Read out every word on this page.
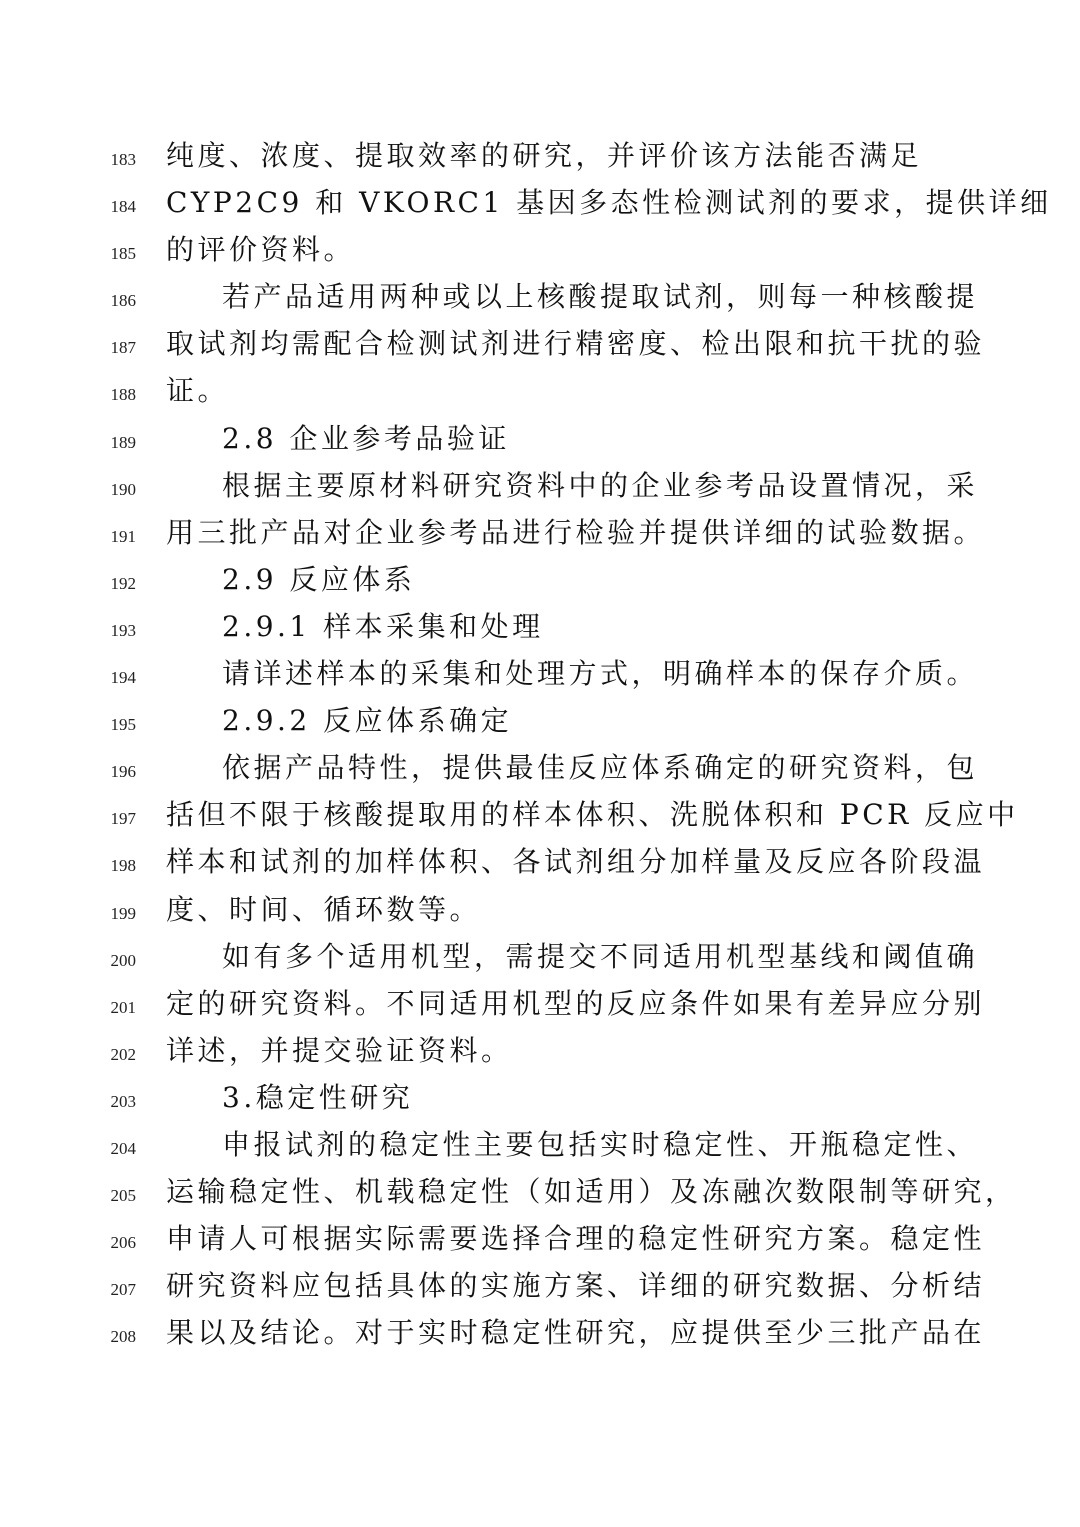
183 纯度、浓度、提取效率的研究，并评价该方法能否满足
184 CYP2C9 和 VKORC1 基因多态性检测试剂的要求，提供详细
185 的评价资料。
186	若产品适用两种或以上核酸提取试剂，则每一种核酸提
187 取试剂均需配合检测试剂进行精密度、检出限和抗干扰的验
188 证。
189	2.8 企业参考品验证
190	根据主要原材料研究资料中的企业参考品设置情况，采
191 用三批产品对企业参考品进行检验并提供详细的试验数据。
192	2.9 反应体系
193	2.9.1 样本采集和处理
194	请详述样本的采集和处理方式，明确样本的保存介质。
195	2.9.2 反应体系确定
196	依据产品特性，提供最佳反应体系确定的研究资料，包
197 括但不限于核酸提取用的样本体积、洗脱体积和 PCR 反应中
198 样本和试剂的加样体积、各试剂组分加样量及反应各阶段温
199 度、时间、循环数等。
200	如有多个适用机型，需提交不同适用机型基线和阈值确
201 定的研究资料。不同适用机型的反应条件如果有差异应分别
202 详述，并提交验证资料。
203	3.稳定性研究
204	申报试剂的稳定性主要包括实时稳定性、开瓶稳定性、
205 运输稳定性、机载稳定性（如适用）及冻融次数限制等研究，
206 申请人可根据实际需要选择合理的稳定性研究方案。稳定性
207 研究资料应包括具体的实施方案、详细的研究数据、分析结
208 果以及结论。对于实时稳定性研究，应提供至少三批产品在
